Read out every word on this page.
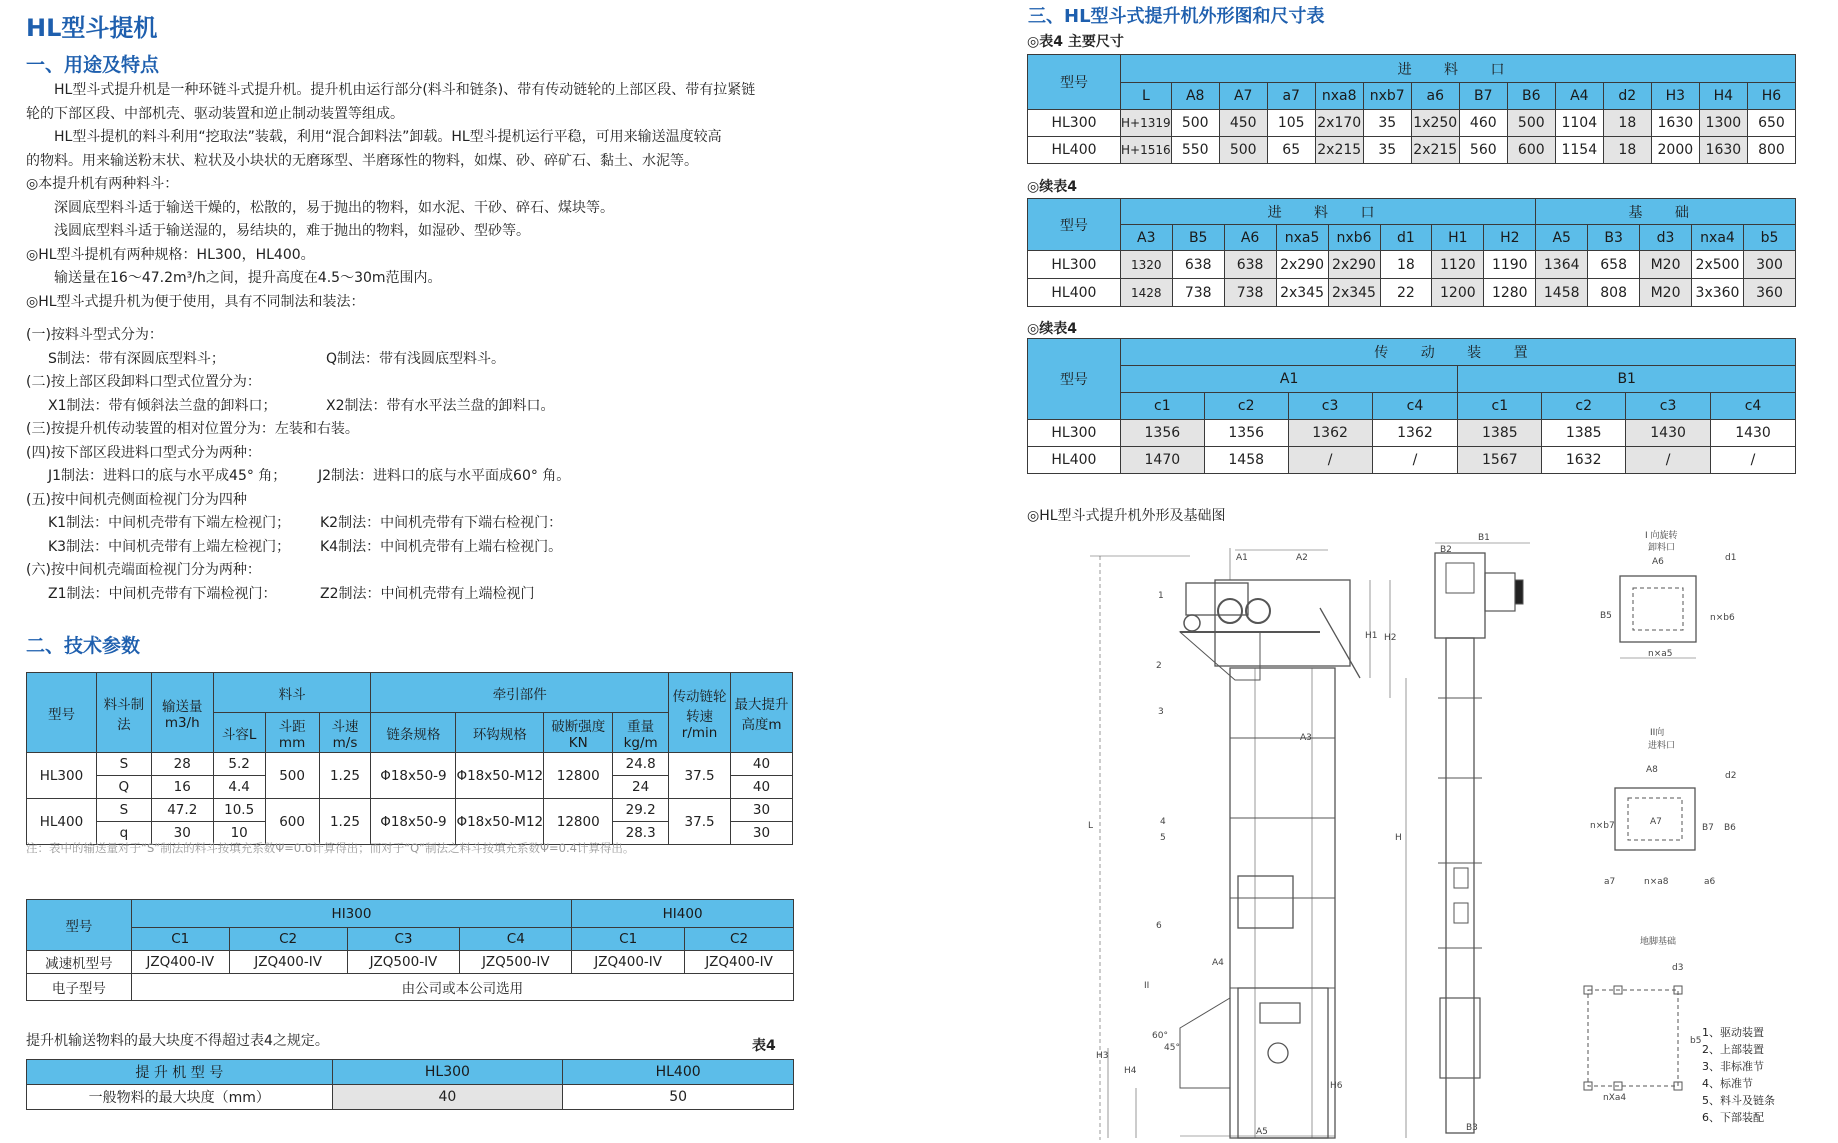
HL型斗提机
一、用途及特点

HL型斗式提升机是一种环链斗式提升机。提升机由运行部分(料斗和链条)、带有传动链轮的上部区段、带有拉紧链

轮的下部区段、中部机壳、驱动装置和逆止制动装置等组成。

HL型斗提机的料斗利用“挖取法”装载，利用“混合卸料法”卸载。HL型斗提机运行平稳，可用来输送温度较高

的物料。用来输送粉末状、粒状及小块状的无磨琢型、半磨琢性的物料，如煤、砂、碎矿石、黏土、水泥等。

◎本提升机有两种料斗：

深圆底型料斗适于输送干燥的，松散的，易于抛出的物料，如水泥、干砂、碎石、煤块等。

浅圆底型料斗适于输送湿的，易结块的，难于抛出的物料，如湿砂、型砂等。

◎HL型斗提机有两种规格：HL300，HL400。

输送量在16～47.2m³/h之间，提升高度在4.5～30m范围内。

◎HL型斗式提升机为便于使用，具有不同制法和装法：

(一)按料斗型式分为：

S制法：带有深圆底型料斗；	Q制法：带有浅圆底型料斗。

(二)按上部区段卸料口型式位置分为：

X1制法：带有倾斜法兰盘的卸料口；	X2制法：带有水平法兰盘的卸料口。

(三)按提升机传动装置的相对位置分为：左装和右装。

(四)按下部区段进料口型式分为两种：

J1制法：进料口的底与水平成45° 角；	J2制法：进料口的底与水平面成60° 角。

(五)按中间机壳侧面检视门分为四种

K1制法：中间机壳带有下端左检视门；	K2制法：中间机壳带有下端右检视门：
K3制法：中间机壳带有上端左检视门；	K4制法：中间机壳带有上端右检视门。

(六)按中间机壳端面检视门分为两种：

Z1制法：中间机壳带有下端检视门：	Z2制法：中间机壳带有上端检视门
二、技术参数
型号	料斗制法	输送量m3/h	料斗			牵引部件				传动链轮转速r/min	最大提升高度m
			斗容L	斗距mm	斗速m/s	链条规格	环钩规格	破断强度KN	重量kg/m		
HL300	S	28	5.2	500	1.25	Φ18x50-9	Φ18x50-M12	12800	24.8	37.5	40
	Q	16	4.4						24		40
HL400	S	47.2	10.5	600	1.25	Φ18x50-9	Φ18x50-M12	12800	29.2	37.5	30
	q	30	10						28.3		30
注：表中的输送量对于“S”制法的料斗按填充系数Ψ=0.6计算得出；而对于“Q”制法之料斗按填充系数Ψ=0.4计算得出。
型号	HI300				HI400	
	C1	C2	C3	C4	C1	C2
减速机型号	JZQ400-IV	JZQ400-IV	JZQ500-IV	JZQ500-IV	JZQ400-IV	JZQ400-IV
电子型号	由公司或本公司选用					
提升机输送物料的最大块度不得超过表4之规定。	表4
提 升 机 型 号	HL300	HL400
一般物料的最大块度（mm）	40	50
三、HL型斗式提升机外形图和尺寸表
◎表4 主要尺寸
型号	进 料 口													
	L	A8	A7	a7	nxa8	nxb7	a6	B7	B6	A4	d2	H3	H4	H6
HL300	H+1319	500	450	105	2x170	35	1x250	460	500	1104	18	1630	1300	650
HL400	H+1516	550	500	65	2x215	35	2x215	560	600	1154	18	2000	1630	800
◎续表4
型号	进 料 口								基 础				
	A3	B5	A6	nxa5	nxb6	d1	H1	H2	A5	B3	d3	nxa4	b5
HL300	1320	638	638	2x290	2x290	18	1120	1190	1364	658	M20	2x500	300
HL400	1428	738	738	2x345	2x345	22	1200	1280	1458	808	M20	3x360	360
◎续表4
型号	传 动 装 置							
	A1				B1			
	c1	c2	c3	c4	c1	c2	c3	c4
HL300	1356	1356	1362	1362	1385	1385	1430	1430
HL400	1470	1458	/	/	1567	1632	/	/
◎HL型斗式提升机外形及基础图
A1	A2
H1 H2
A3
H
L
A4
H3
H4
H6
A5	B3
60°
45°
1
2
3
4
5
6
II
B1
B2
I 向旋转
卸料口
A6
B5	n×b6
n×a5
d1
II向
进料口
A8
n×b7	A7
B7 B6
a7	n×a8	a6
d2
地脚基础
d3
b5
nXa4
1、驱动装置
2、上部装置
3、非标准节
4、标准节
5、料斗及链条
6、下部装配
